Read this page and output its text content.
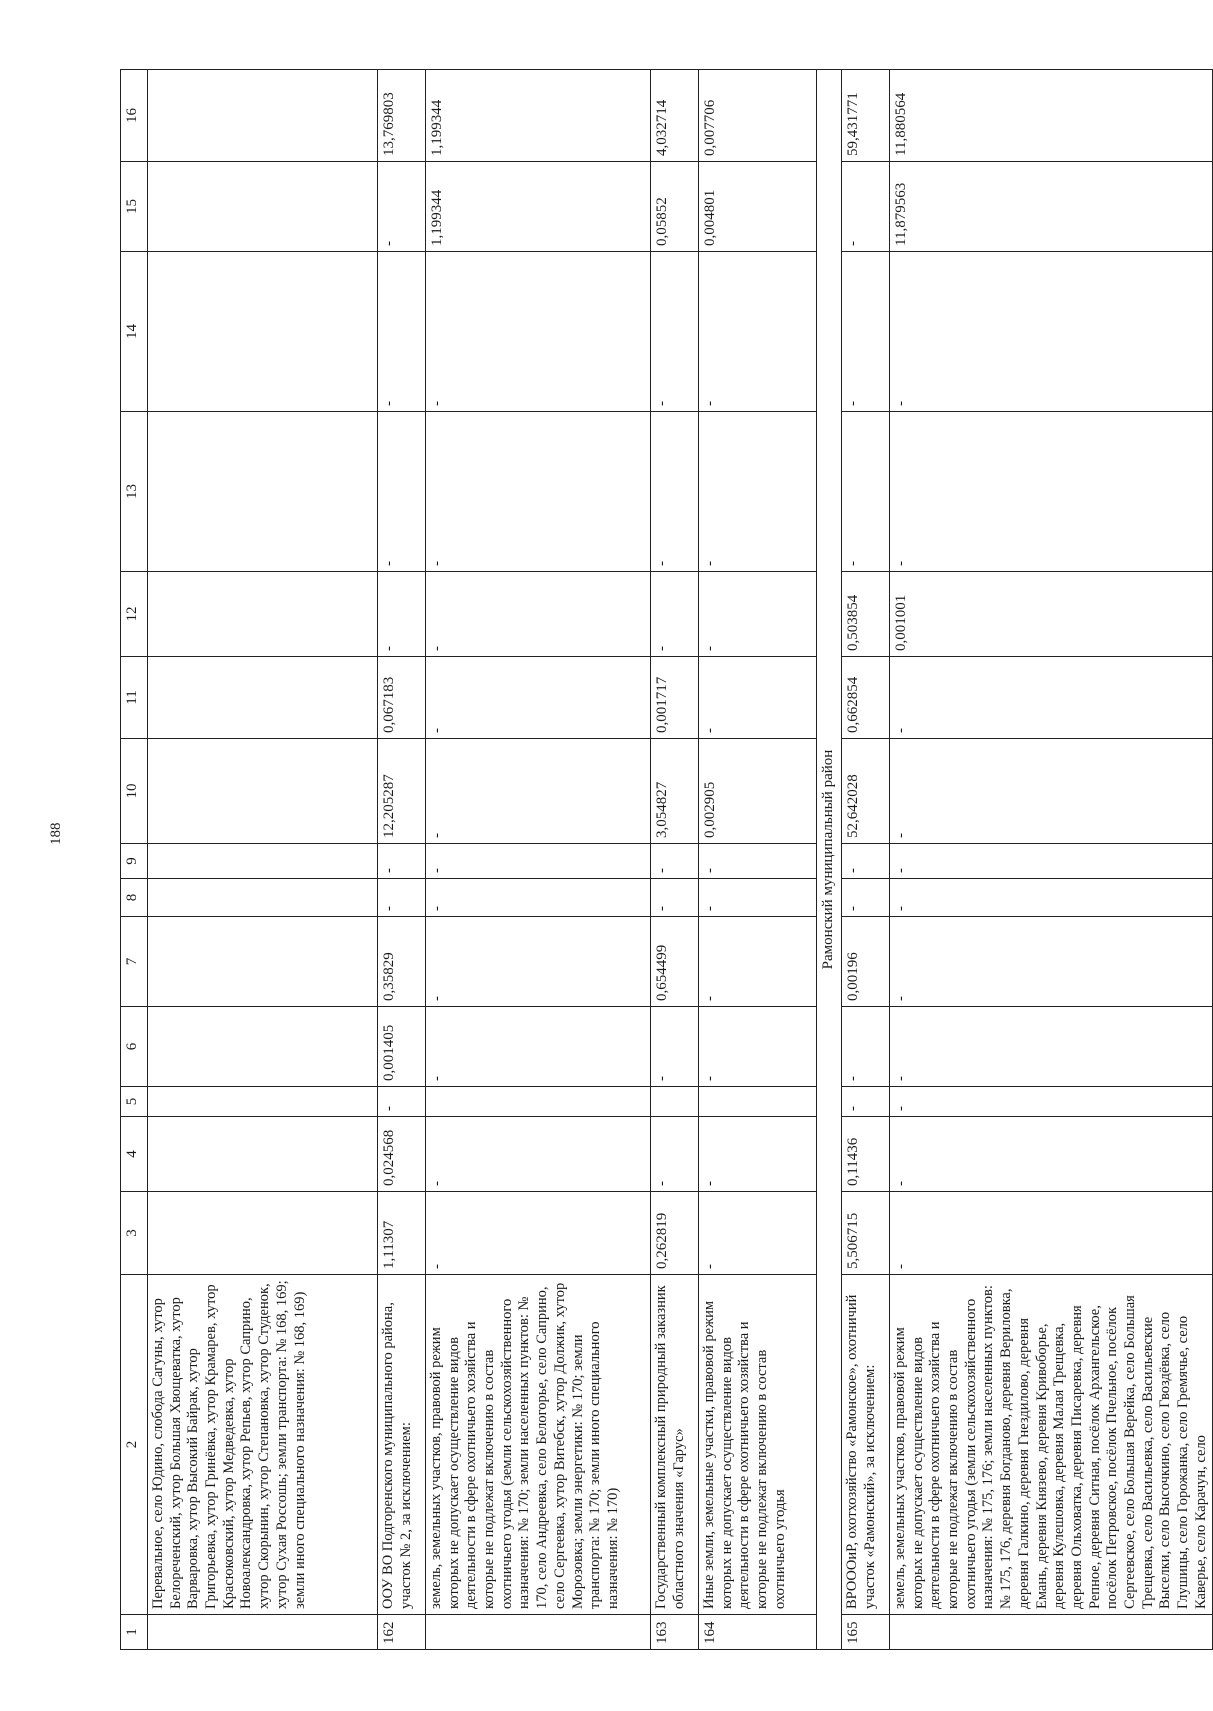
188
1	2	3	4	5	6	7	8	9	10	11	12	13	14	15	16
	Перевальное, село Юдино, слобода Сагуны, хутор Белореченский, хутор Большая Хвощеватка, хутор Варваровка, хутор Высокий Байрак, хутор Григорьевка, хутор Гринёвка, хутор Крамарев, хутор Красюковский, хутор Медведевка, хутор Новоалександровка, хутор Репьев, хутор Саприно, хутор Скорынин, хутор Степановка, хутор Студенок, хутор Сухая Россошь; земли транспорта: № 168, 169; земли иного специального назначения: № 168, 169)														
162	ООУ ВО Подгоренского муниципального района, участок № 2, за исключением:	1,11307	0,024568	-	0,001405	0,35829	-	-	12,205287	0,067183	-	-	-	-	13,769803
	земель, земельных участков, правовой режим которых не допускает осуществление видов деятельности в сфере охотничьего хозяйства и которые не подлежат включению в состав охотничьего угодья (земли сельскохозяйственного назначения: № 170; земли населенных пунктов: № 170, село Андреевка, село Белогорье, село Саприно, село Сергеевка, хутор Витебск, хутор Должик, хутор Морозовка; земли энергетики: № 170; земли транспорта: № 170; земли иного специального назначения: № 170)	-	-		-	-	-	-	-	-	-	-	-	1,199344	1,199344
163	Государственный комплексный природный заказник областного значения «Гарус»	0,262819	-		-	0,654499	-	-	3,054827	0,001717	-	-	-	0,05852	4,032714
164	Иные земли, земельные участки, правовой режим которых не допускает осуществление видов деятельности в сфере охотничьего хозяйства и которые не подлежат включению в состав охотничьего угодья	-	-		-	-	-	-	0,002905	-	-	-	-	0,004801	0,007706
Рамонский муниципальный район															
165	ВРОООиР, охотхозяйство «Рамонское», охотничий участок «Рамонский», за исключением:	5,506715	0,11436	-	-	0,00196	-	-	52,642028	0,662854	0,503854	-	-	-	59,431771
	земель, земельных участков, правовой режим которых не допускает осуществление видов деятельности в сфере охотничьего хозяйства и которые не подлежат включению в состав охотничьего угодья (земли сельскохозяйственного назначения: № 175, 176; земли населенных пунктов: № 175, 176, деревня Богданово, деревня Вериловка, деревня Галкино, деревня Гнездилово, деревня Емань, деревня Князево, деревня Кривоборье, деревня Кулешовка, деревня Малая Трещевка, деревня Ольховатка, деревня Писаревка, деревня Репное, деревня Ситная, посёлок Архангельское, посёлок Петровское, посёлок Пчельное, посёлок Сергеевское, село Большая Верейка, село Большая Трещевка, село Васильевка, село Васильевские Выселки, село Высочкино, село Гвоздёвка, село Глушицы, село Горожанка, село Гремячье, село Каверье, село Карачун, село	-	-	-	-	-	-	-	-	-	0,001001	-	-	11,879563	11,880564
